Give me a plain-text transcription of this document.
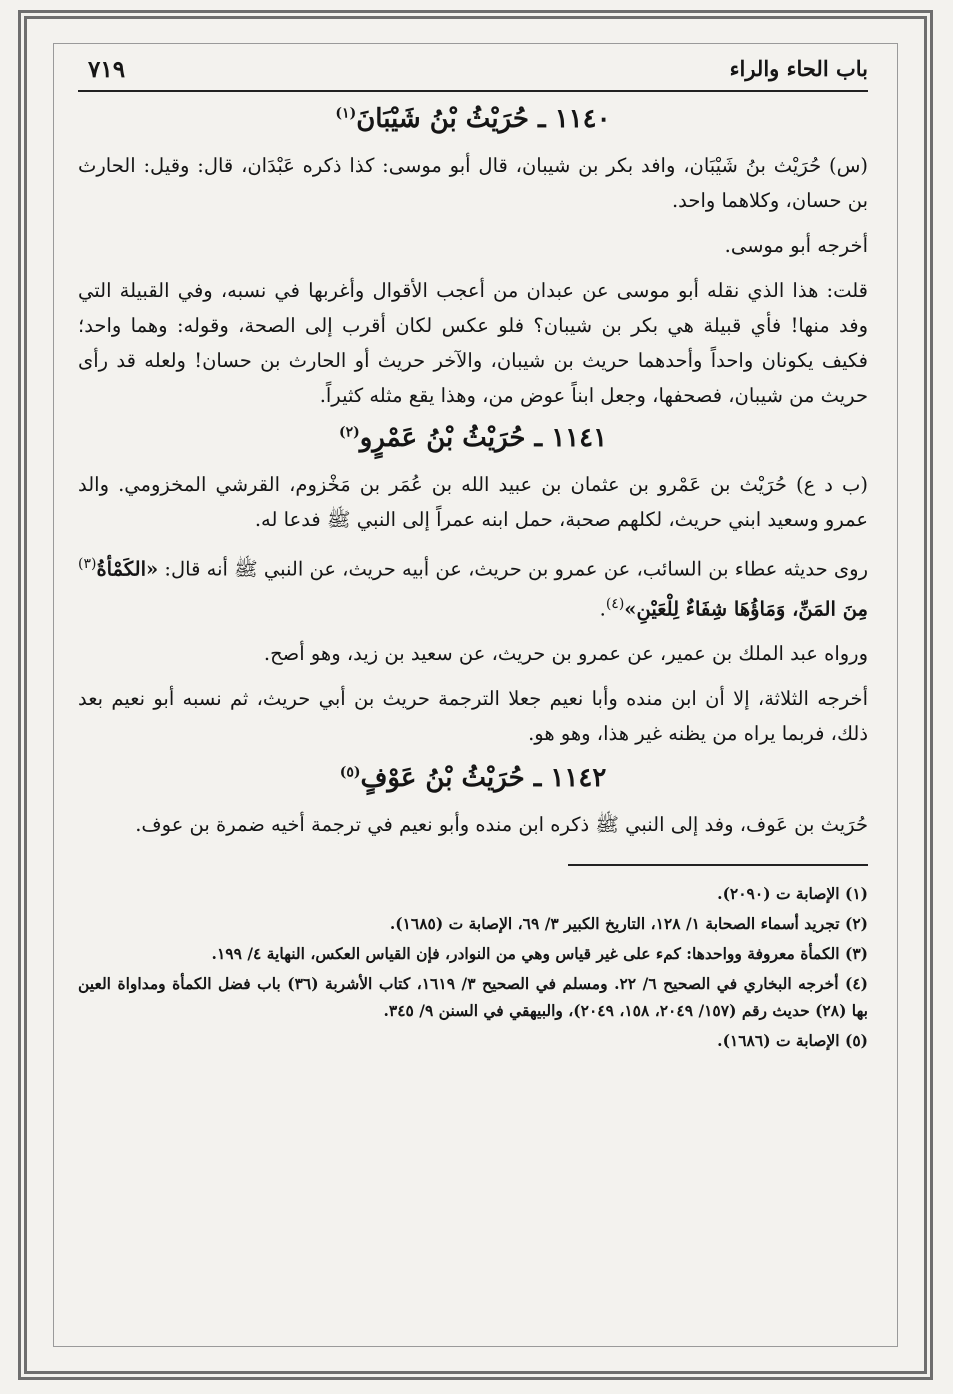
باب الحاء والراء
٧١٩
١١٤٠ ـ حُرَيْثُ بْنُ شَيْبَانَ$^{(١)}$

(س) حُرَيْث بنُ شَيْبَان، وافد بكر بن شيبان، قال أبو موسى: كذا ذكره عَبْدَان، قال: وقيل: الحارث بن حسان، وكلاهما واحد.

أخرجه أبو موسى.

قلت: هذا الذي نقله أبو موسى عن عبدان من أعجب الأقوال وأغربها في نسبه، وفي القبيلة التي وفد منها! فأي قبيلة هي بكر بن شيبان؟ فلو عكس لكان أقرب إلى الصحة، وقوله: وهما واحد؛ فكيف يكونان واحداً وأحدهما حريث بن شيبان، والآخر حريث أو الحارث بن حسان! ولعله قد رأى حريث من شيبان، فصحفها، وجعل ابناً عوض من، وهذا يقع مثله كثيراً.

١١٤١ ـ حُرَيْثُ بْنُ عَمْرٍو$^{(٢)}$

(ب د ع) حُرَيْث بن عَمْرو بن عثمان بن عبيد الله بن عُمَر بن مَخْزوم، القرشي المخزومي. والد عمرو وسعيد ابني حريث، لكلهم صحبة، حمل ابنه عمراً إلى النبي ﷺ فدعا له.

روى حديثه عطاء بن السائب، عن عمرو بن حريث، عن أبيه حريث، عن النبي ﷺ أنه قال: «الكَمْأةُ$^{(٣)}$ مِنَ المَنِّ، وَمَاؤُهَا شِفَاءٌ لِلْعَيْنِ»$^{(٤)}$.

ورواه عبد الملك بن عمير، عن عمرو بن حريث، عن سعيد بن زيد، وهو أصح.

أخرجه الثلاثة، إلا أن ابن منده وأبا نعيم جعلا الترجمة حريث بن أبي حريث، ثم نسبه أبو نعيم بعد ذلك، فربما يراه من يظنه غير هذا، وهو هو.

١١٤٢ ـ حُرَيْثُ بْنُ عَوْفٍ$^{(٥)}$

حُرَيث بن عَوف، وفد إلى النبي ﷺ ذكره ابن منده وأبو نعيم في ترجمة أخيه ضمرة بن عوف.

(١) الإصابة ت (٢٠٩٠).

(٢) تجريد أسماء الصحابة ١/ ١٢٨، التاريخ الكبير ٣/ ٦٩، الإصابة ت (١٦٨٥).

(٣) الكمأة معروفة وواحدها: كمء على غير قياس وهي من النوادر، فإن القياس العكس، النهاية ٤/ ١٩٩.

(٤) أخرجه البخاري في الصحيح ٦/ ٢٢. ومسلم في الصحيح ٣/ ١٦١٩، كتاب الأشربة (٣٦) باب فضل الكمأة ومداواة العين بها (٢٨) حديث رقم (١٥٧/ ٢٠٤٩، ١٥٨، ٢٠٤٩)، والبيهقي في السنن ٩/ ٣٤٥.

(٥) الإصابة ت (١٦٨٦).
